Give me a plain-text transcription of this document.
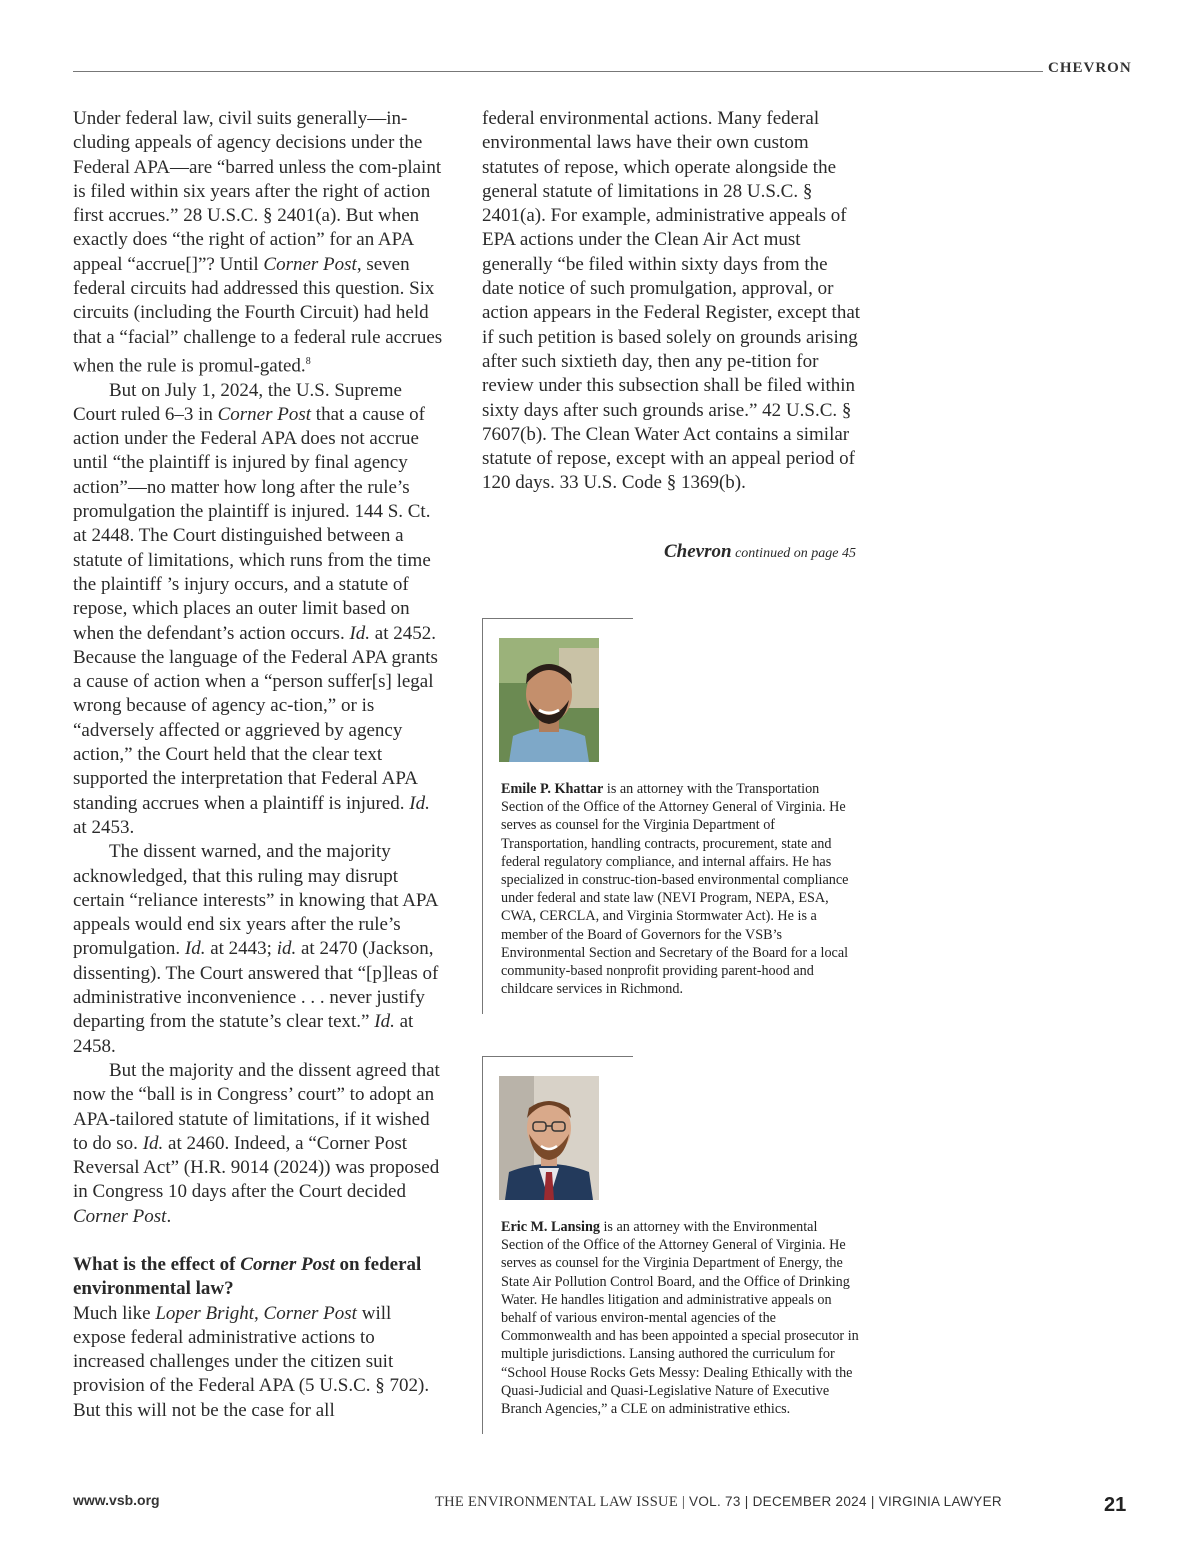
CHEVRON

Under federal law, civil suits generally—in-cluding appeals of agency decisions under the Federal APA—are “barred unless the com-plaint is filed within six years after the right of action first accrues.” 28 U.S.C. § 2401(a). But when exactly does “the right of action” for an APA appeal “accrue[]”? Until Corner Post, seven federal circuits had addressed this question. Six circuits (including the Fourth Circuit) had held that a “facial” challenge to a federal rule accrues when the rule is promul-gated.$^8$

But on July 1, 2024, the U.S. Supreme Court ruled 6–3 in Corner Post that a cause of action under the Federal APA does not accrue until “the plaintiff is injured by final agency action”—no matter how long after the rule’s promulgation the plaintiff is injured. 144 S. Ct. at 2448. The Court distinguished between a statute of limitations, which runs from the time the plaintiff ’s injury occurs, and a statute of repose, which places an outer limit based on when the defendant’s action occurs. Id. at 2452. Because the language of the Federal APA grants a cause of action when a “person suffer[s] legal wrong because of agency ac-tion,” or is “adversely affected or aggrieved by agency action,” the Court held that the clear text supported the interpretation that Federal APA standing accrues when a plaintiff is injured. Id. at 2453.

The dissent warned, and the majority acknowledged, that this ruling may disrupt certain “reliance interests” in knowing that APA appeals would end six years after the rule’s promulgation. Id. at 2443; id. at 2470 (Jackson, dissenting). The Court answered that “[p]leas of administrative inconvenience . . . never justify departing from the statute’s clear text.” Id. at 2458.

But the majority and the dissent agreed that now the “ball is in Congress’ court” to adopt an APA-tailored statute of limitations, if it wished to do so. Id. at 2460. Indeed, a “Corner Post Reversal Act” (H.R. 9014 (2024)) was proposed in Congress 10 days after the Court decided Corner Post.

What is the effect of Corner Post on federal environmental law?

Much like Loper Bright, Corner Post will expose federal administrative actions to increased challenges under the citizen suit provision of the Federal APA (5 U.S.C. § 702). But this will not be the case for all

federal environmental actions. Many federal environmental laws have their own custom statutes of repose, which operate alongside the general statute of limitations in 28 U.S.C. § 2401(a). For example, administrative appeals of EPA actions under the Clean Air Act must generally “be filed within sixty days from the date notice of such promulgation, approval, or action appears in the Federal Register, except that if such petition is based solely on grounds arising after such sixtieth day, then any pe-tition for review under this subsection shall be filed within sixty days after such grounds arise.” 42 U.S.C. § 7607(b). The Clean Water Act contains a similar statute of repose, except with an appeal period of 120 days. 33 U.S. Code § 1369(b).

Chevron continued on page 45
Emile P. Khattar is an attorney with the Transportation Section of the Office of the Attorney General of Virginia. He serves as counsel for the Virginia Department of Transportation, handling contracts, procurement, state and federal regulatory compliance, and internal affairs. He has specialized in construc-tion-based environmental compliance under federal and state law (NEVI Program, NEPA, ESA, CWA, CERCLA, and Virginia Stormwater Act). He is a member of the Board of Governors for the VSB’s Environmental Section and Secretary of the Board for a local community-based nonprofit providing parent-hood and childcare services in Richmond.
Eric M. Lansing is an attorney with the Environmental Section of the Office of the Attorney General of Virginia. He serves as counsel for the Virginia Department of Energy, the State Air Pollution Control Board, and the Office of Drinking Water. He handles litigation and administrative appeals on behalf of various environ-mental agencies of the Commonwealth and has been appointed a special prosecutor in multiple jurisdictions. Lansing authored the curriculum for “School House Rocks Gets Messy: Dealing Ethically with the Quasi-Judicial and Quasi-Legislative Nature of Executive Branch Agencies,” a CLE on administrative ethics.
www.vsb.org	THE ENVIRONMENTAL LAW ISSUE | VOL. 73 | DECEMBER 2024 | VIRGINIA LAWYER	21
